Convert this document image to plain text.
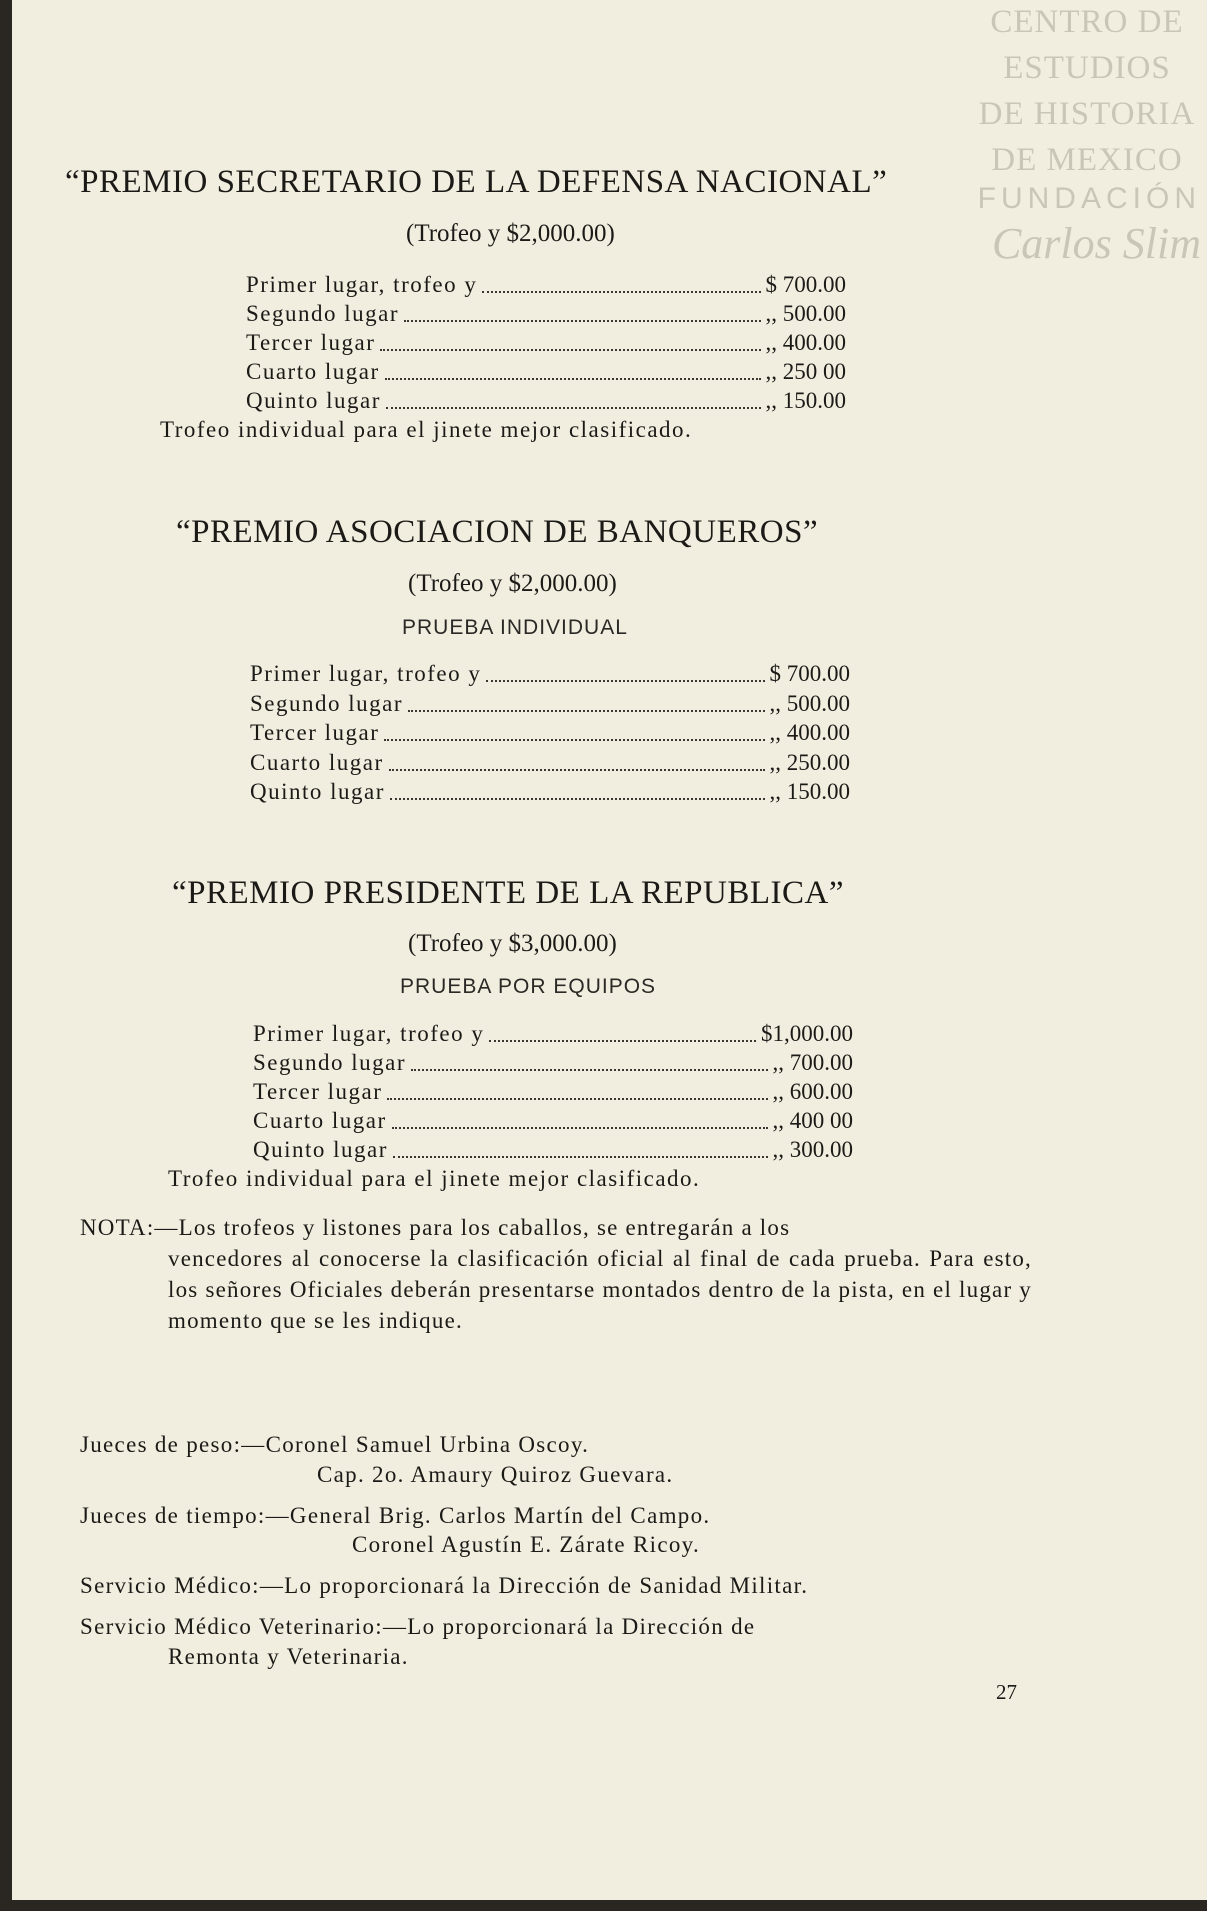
CENTRO DE
ESTUDIOS
DE HISTORIA
DE MEXICO
FUNDACIÓN
Carlos Slim
“PREMIO SECRETARIO DE LA DEFENSA NACIONAL”
(Trofeo y $2,000.00)
Primer lugar, trofeo y	$ 700.00
Segundo lugar	,, 500.00
Tercer lugar	,, 400.00
Cuarto lugar	,, 250 00
Quinto lugar	,, 150.00
Trofeo individual para el jinete mejor clasificado.
“PREMIO ASOCIACION DE BANQUEROS”
(Trofeo y $2,000.00)
PRUEBA INDIVIDUAL
Primer lugar, trofeo y	$ 700.00
Segundo lugar	,, 500.00
Tercer lugar	,, 400.00
Cuarto lugar	,, 250.00
Quinto lugar	,, 150.00
“PREMIO PRESIDENTE DE LA REPUBLICA”
(Trofeo y $3,000.00)
PRUEBA POR EQUIPOS
Primer lugar, trofeo y	$1,000.00
Segundo lugar	,, 700.00
Tercer lugar	,, 600.00
Cuarto lugar	,, 400 00
Quinto lugar	,, 300.00
Trofeo individual para el jinete mejor clasificado.
NOTA:—Los trofeos y listones para los caballos, se entregarán a los
vencedores al conocerse la clasificación oficial al final de cada prueba. Para esto, los señores Oficiales deberán presentarse montados dentro de la pista, en el lugar y momento que se les indique.
Jueces de peso:—Coronel Samuel Urbina Oscoy.
Cap. 2o. Amaury Quiroz Guevara.
Jueces de tiempo:—General Brig. Carlos Martín del Campo.
Coronel Agustín E. Zárate Ricoy.
Servicio Médico:—Lo proporcionará la Dirección de Sanidad Militar.
Servicio Médico Veterinario:—Lo proporcionará la Dirección de
Remonta y Veterinaria.
27
